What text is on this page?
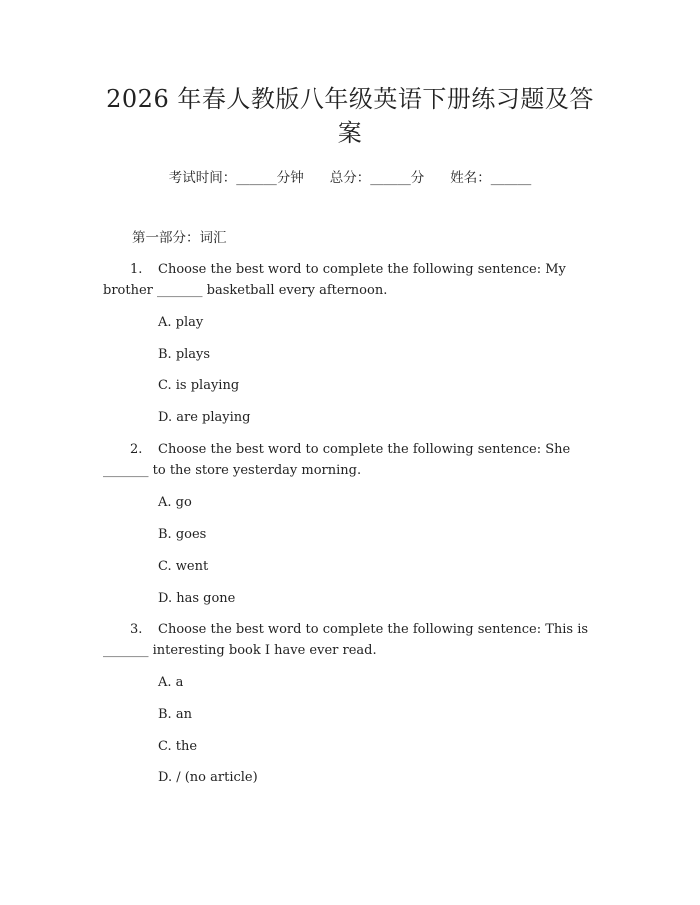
2026 年春人教版八年级英语下册练习题及答
案
考试时间：______分钟 总分：______分 姓名：______
第一部分：词汇
1. Choose the best word to complete the following sentence: My
brother _______ basketball every afternoon.
A. play
B. plays
C. is playing
D. are playing
2. Choose the best word to complete the following sentence: She
_______ to the store yesterday morning.
A. go
B. goes
C. went
D. has gone
3. Choose the best word to complete the following sentence: This is
_______ interesting book I have ever read.
A. a
B. an
C. the
D. / (no article)
